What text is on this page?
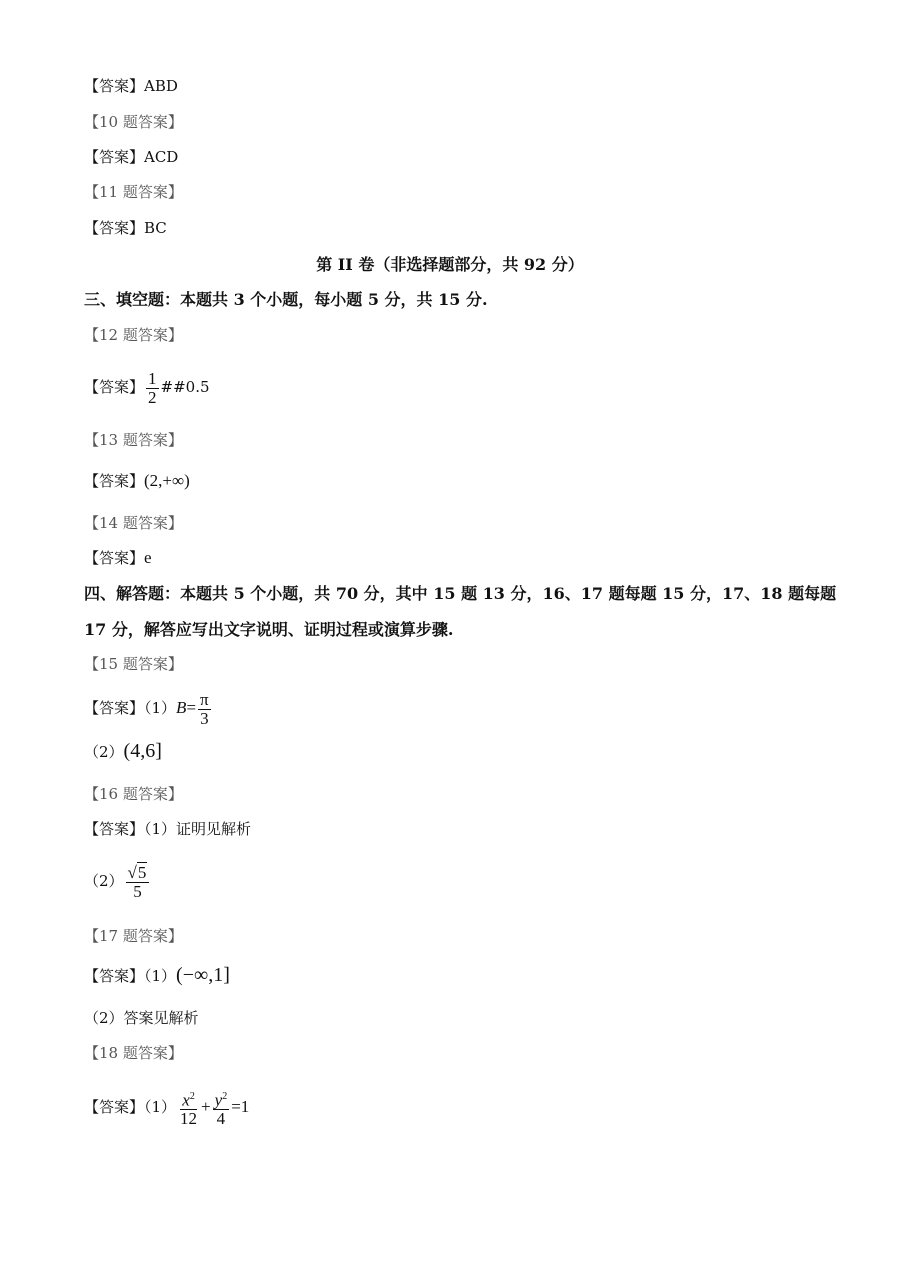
【答案】ABD
【10 题答案】
【答案】ACD
【11 题答案】
【答案】BC
第 II 卷（非选择题部分，共 92 分）
三、填空题：本题共 3 个小题，每小题 5 分，共 15 分.
【12 题答案】
【答案】 $\frac{1}{2}$ ##0.5
【13 题答案】
【答案】(2,+∞)
【14 题答案】
【答案】e
四、解答题：本题共 5 个小题，共 70 分，其中 15 题 13 分，16、17 题每题 15 分，17、18 题每题
17 分，解答应写出文字说明、证明过程或演算步骤.
【15 题答案】
【答案】$(1)B= \frac{\pi}{3}$
（2）(4,6]
【16 题答案】
【答案】（1）证明见解析
$(2) \frac{√5}{5}$
【17 题答案】
【答案】（1）(−∞,1]
（2）答案见解析
【18 题答案】
【答案】$(1) \frac{x^2}{12} + \frac{y^2}{4} =1$
